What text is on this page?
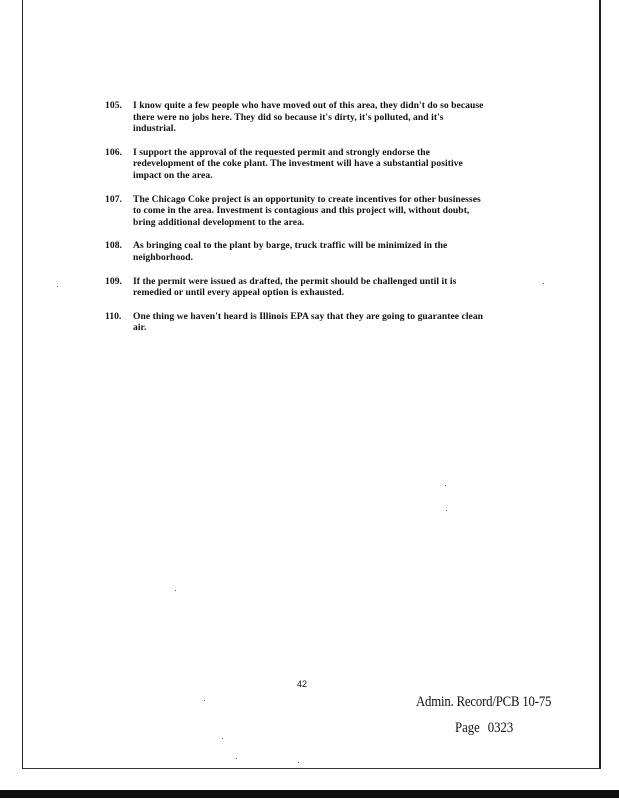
105.	I know quite a few people who have moved out of this area, they didn't do so because
there were no jobs here. They did so because it's dirty, it's polluted, and it's
industrial.
106.	I support the approval of the requested permit and strongly endorse the
redevelopment of the coke plant. The investment will have a substantial positive
impact on the area.
107.	The Chicago Coke project is an opportunity to create incentives for other businesses
to come in the area. Investment is contagious and this project will, without doubt,
bring additional development to the area.
108.	As bringing coal to the plant by barge, truck traffic will be minimized in the
neighborhood.
109.	If the permit were issued as drafted, the permit should be challenged until it is
remedied or until every appeal option is exhausted.
110.	One thing we haven't heard is Illinois EPA say that they are going to guarantee clean
air.
42
Admin. Record/PCB 10-75
Page 0323
